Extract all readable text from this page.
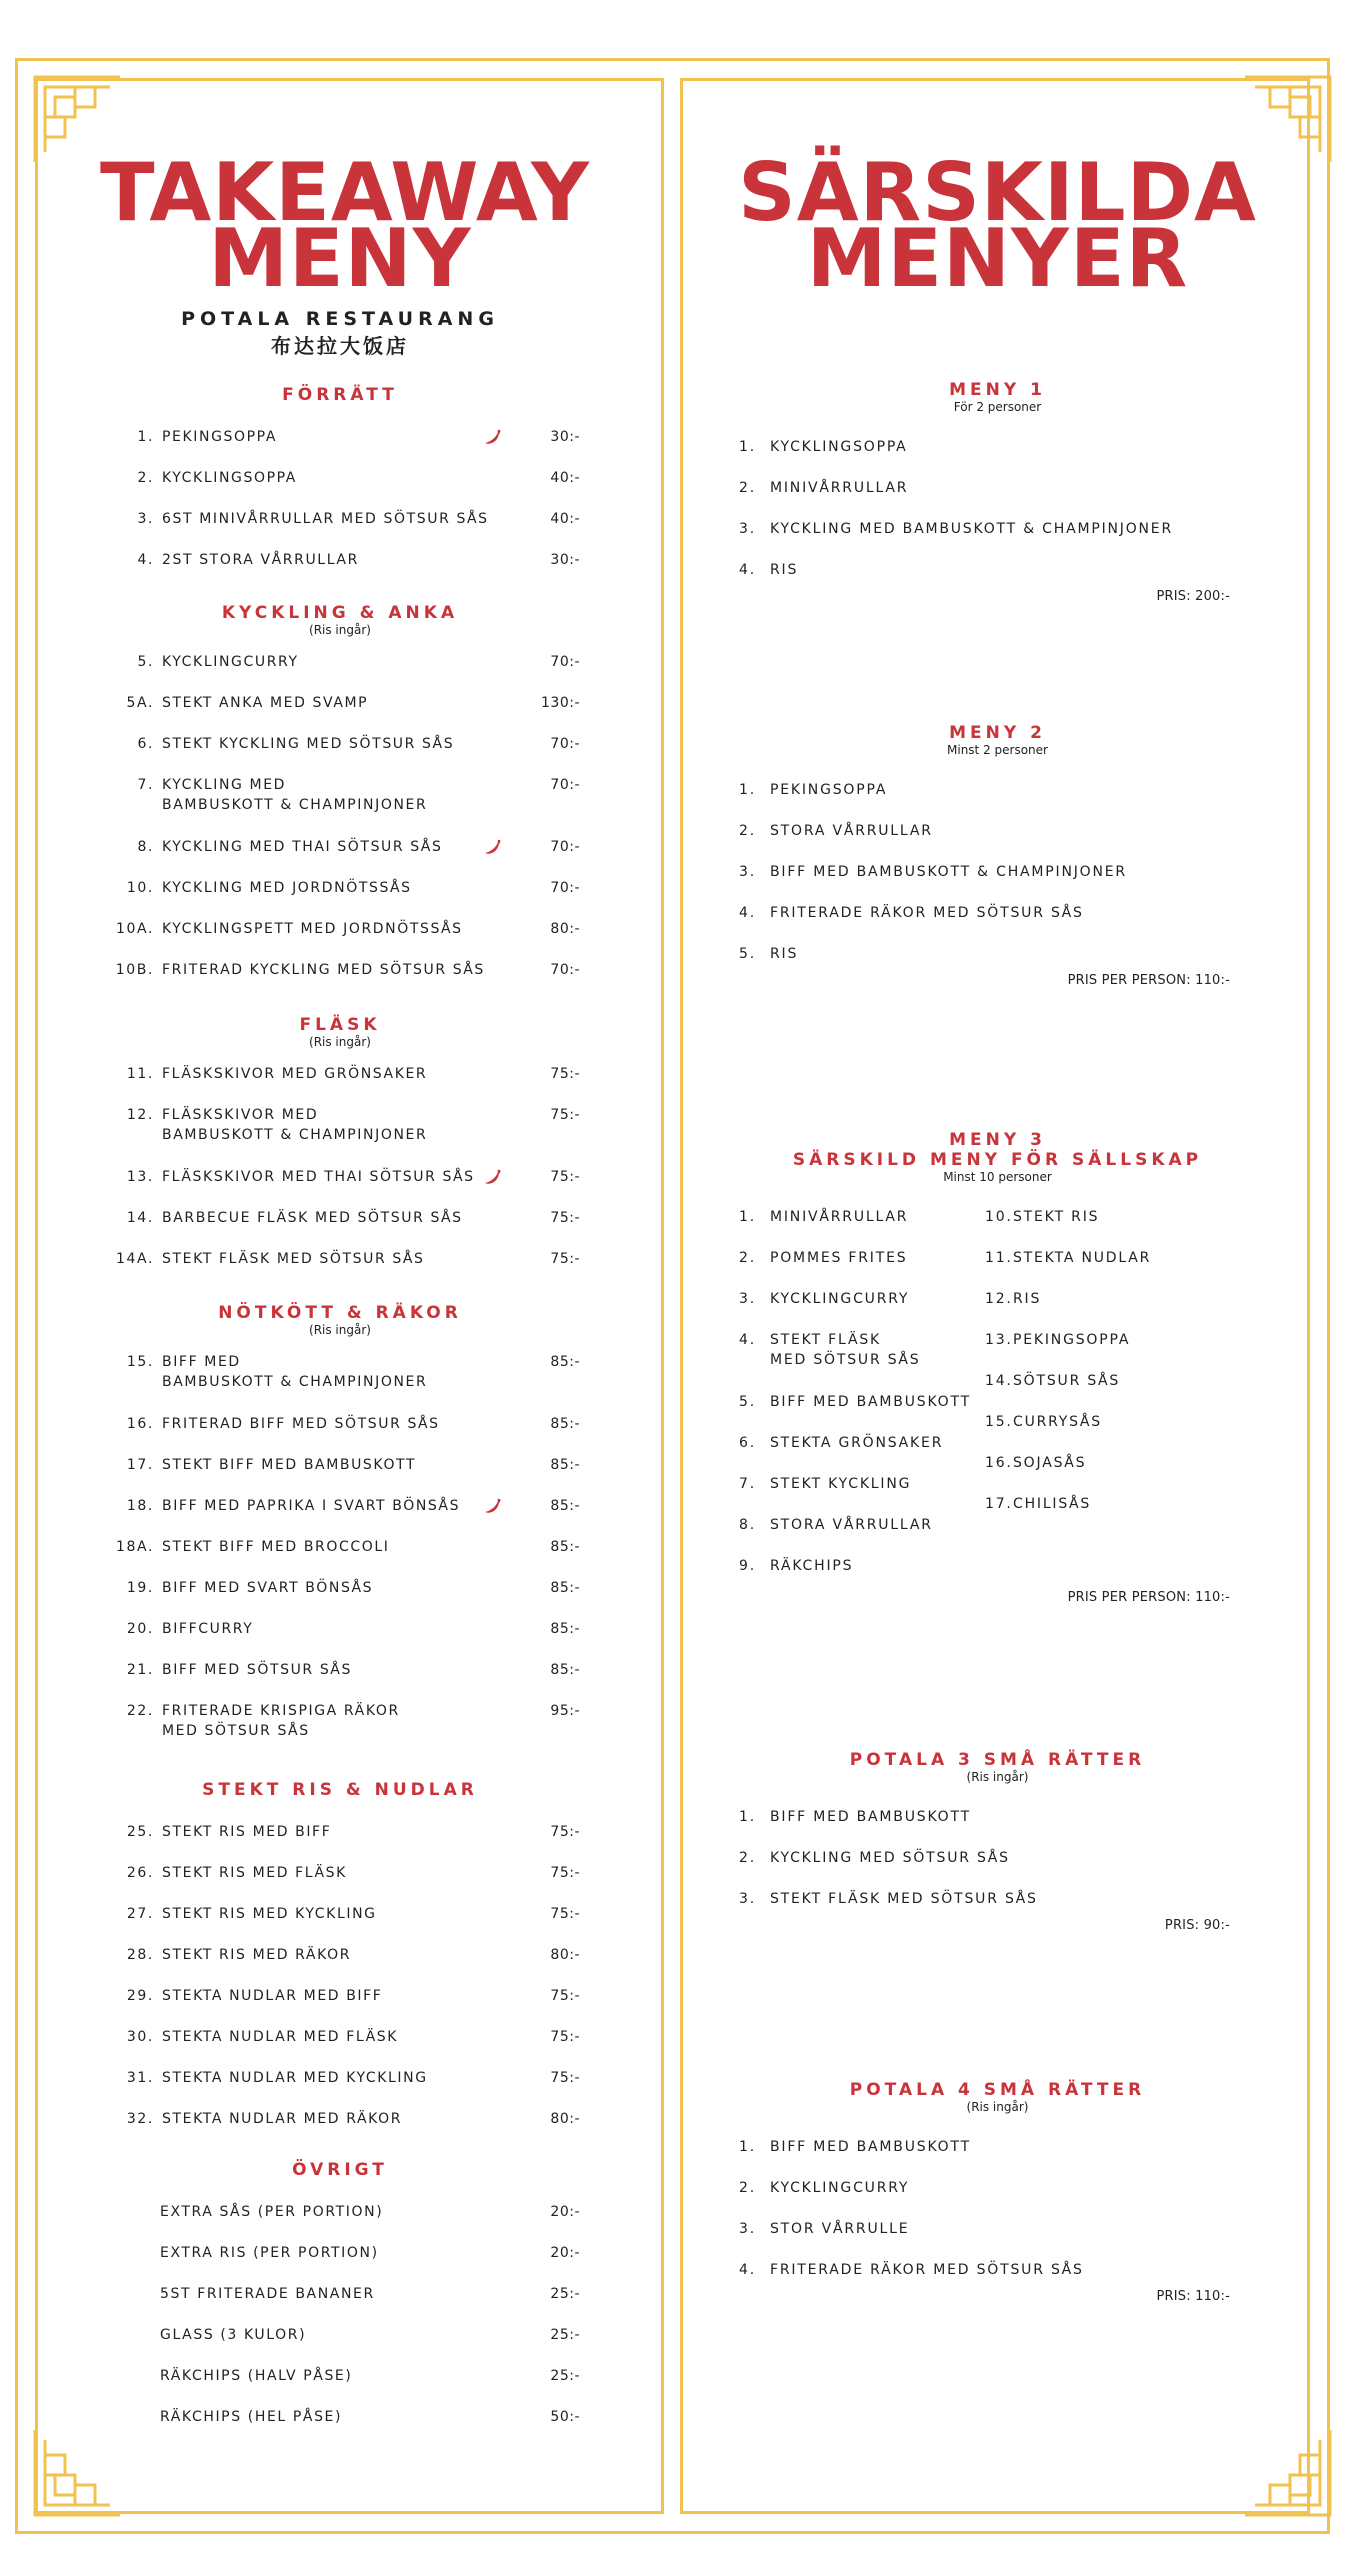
TAKEAWAY
MENY
POTALA RESTAURANG
布达拉大饭店
FÖRRÄTT
1. PEKINGSOPPA	30:-
2. KYCKLINGSOPPA	40:-
3. 6ST MINIVÅRRULLAR MED SÖTSUR SÅS	40:-
4. 2ST STORA VÅRRULLAR	30:-
KYCKLING & ANKA
(Ris ingår)
5. KYCKLINGCURRY	70:-
5A. STEKT ANKA MED SVAMP	130:-
6. STEKT KYCKLING MED SÖTSUR SÅS	70:-
7. KYCKLING MED
BAMBUSKOTT & CHAMPINJONER
70:-
8. KYCKLING MED THAI SÖTSUR SÅS	70:-
10. KYCKLING MED JORDNÖTSSÅS	70:-
10A. KYCKLINGSPETT MED JORDNÖTSSÅS	80:-
10B. FRITERAD KYCKLING MED SÖTSUR SÅS	70:-
FLÄSK
(Ris ingår)
11. FLÄSKSKIVOR MED GRÖNSAKER	75:-
12. FLÄSKSKIVOR MED
BAMBUSKOTT & CHAMPINJONER
75:-
13. FLÄSKSKIVOR MED THAI SÖTSUR SÅS	75:-
14. BARBECUE FLÄSK MED SÖTSUR SÅS	75:-
14A. STEKT FLÄSK MED SÖTSUR SÅS	75:-
NÖTKÖTT & RÄKOR
(Ris ingår)
15. BIFF MED
BAMBUSKOTT & CHAMPINJONER
85:-
16. FRITERAD BIFF MED SÖTSUR SÅS	85:-
17. STEKT BIFF MED BAMBUSKOTT	85:-
18. BIFF MED PAPRIKA I SVART BÖNSÅS	85:-
18A. STEKT BIFF MED BROCCOLI	85:-
19. BIFF MED SVART BÖNSÅS	85:-
20. BIFFCURRY	85:-
21. BIFF MED SÖTSUR SÅS	85:-
22. FRITERADE KRISPIGA RÄKOR
MED SÖTSUR SÅS
95:-
STEKT RIS & NUDLAR
25. STEKT RIS MED BIFF	75:-
26. STEKT RIS MED FLÄSK	75:-
27. STEKT RIS MED KYCKLING	75:-
28. STEKT RIS MED RÄKOR	80:-
29. STEKTA NUDLAR MED BIFF	75:-
30. STEKTA NUDLAR MED FLÄSK	75:-
31. STEKTA NUDLAR MED KYCKLING	75:-
32. STEKTA NUDLAR MED RÄKOR	80:-
ÖVRIGT
EXTRA SÅS (PER PORTION)	20:-
EXTRA RIS (PER PORTION)	20:-
5ST FRITERADE BANANER	25:-
GLASS (3 KULOR)	25:-
RÄKCHIPS (HALV PÅSE)	25:-
RÄKCHIPS (HEL PÅSE)	50:-
SÄRSKILDA
MENYER
MENY 1
För 2 personer
1. KYCKLINGSOPPA
2. MINIVÅRRULLAR
3. KYCKLING MED BAMBUSKOTT & CHAMPINJONER
4. RIS
PRIS: 200:-
MENY 2
Minst 2 personer
1. PEKINGSOPPA
2. STORA VÅRRULLAR
3. BIFF MED BAMBUSKOTT & CHAMPINJONER
4. FRITERADE RÄKOR MED SÖTSUR SÅS
5. RIS
PRIS PER PERSON: 110:-
MENY 3
SÄRSKILD MENY FÖR SÄLLSKAP
Minst 10 personer
1. MINIVÅRRULLAR
2. POMMES FRITES
3. KYCKLINGCURRY
4. STEKT FLÄSK
MED SÖTSUR SÅS
5. BIFF MED BAMBUSKOTT
6. STEKTA GRÖNSAKER
7. STEKT KYCKLING
8. STORA VÅRRULLAR
9. RÄKCHIPS
10. STEKT RIS
11. STEKTA NUDLAR
12. RIS
13. PEKINGSOPPA
14. SÖTSUR SÅS
15. CURRYSÅS
16. SOJASÅS
17. CHILISÅS
PRIS PER PERSON: 110:-
POTALA 3 SMÅ RÄTTER
(Ris ingår)
1. BIFF MED BAMBUSKOTT
2. KYCKLING MED SÖTSUR SÅS
3. STEKT FLÄSK MED SÖTSUR SÅS
PRIS: 90:-
POTALA 4 SMÅ RÄTTER
(Ris ingår)
1. BIFF MED BAMBUSKOTT
2. KYCKLINGCURRY
3. STOR VÅRRULLE
4. FRITERADE RÄKOR MED SÖTSUR SÅS
PRIS: 110:-
